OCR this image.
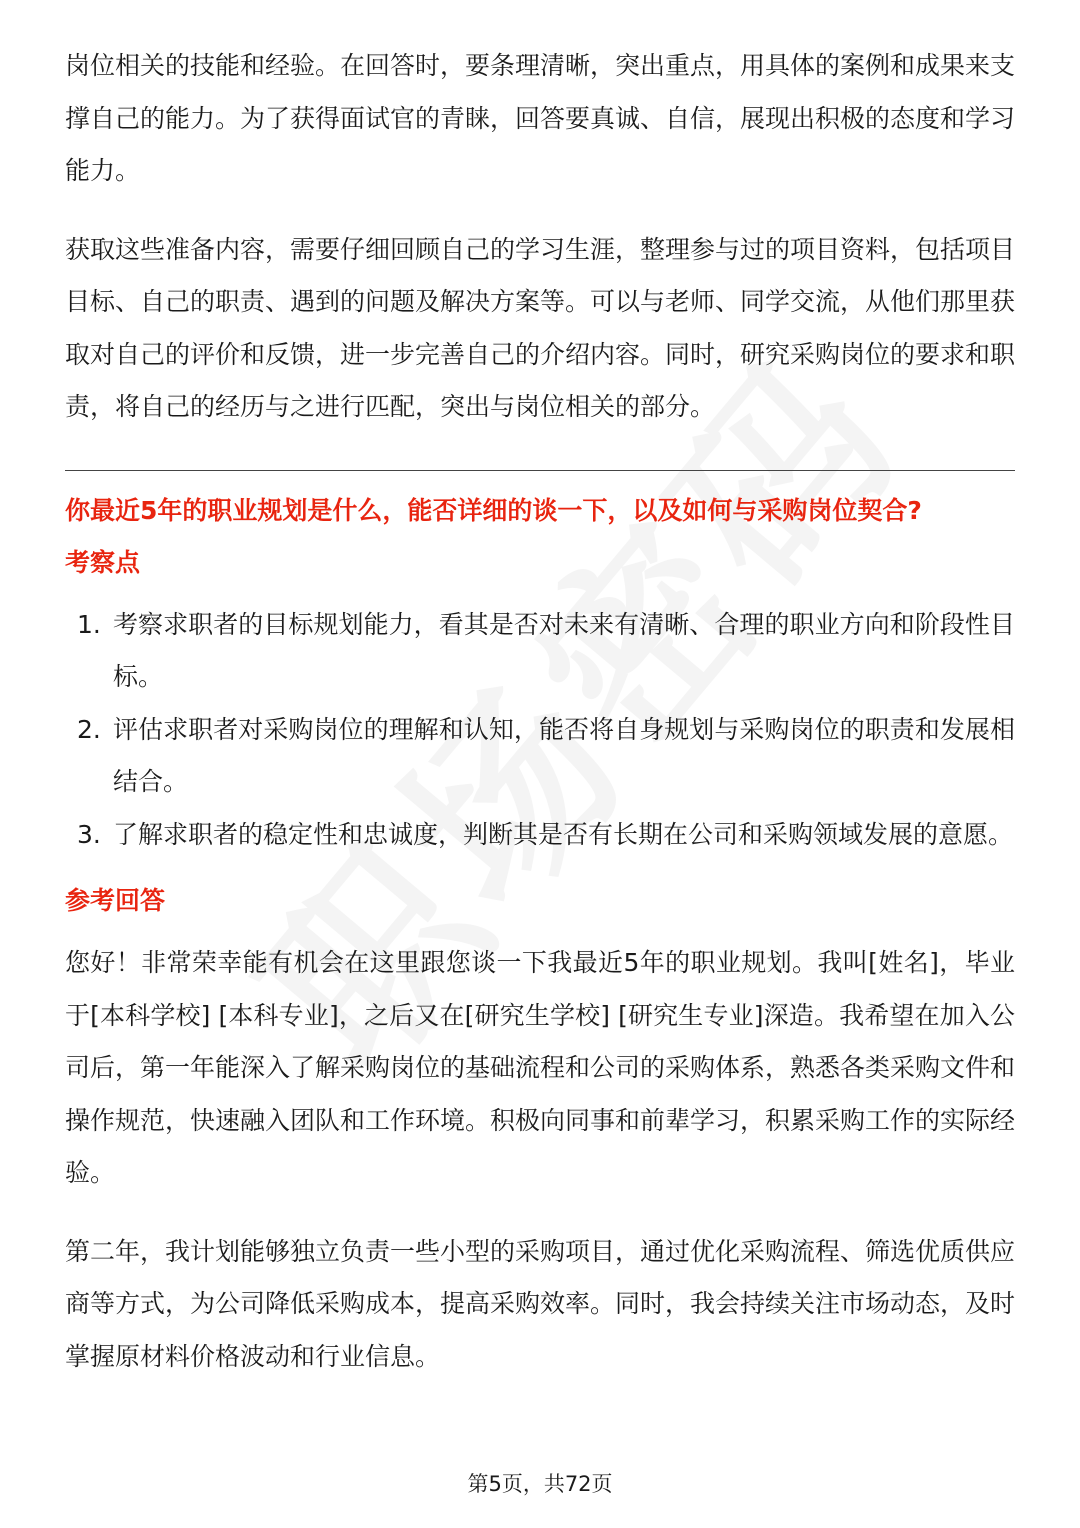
岗位相关的技能和经验。在回答时，要条理清晰，突出重点，用具体的案例和成果来支撑自己的能力。为了获得面试官的青睐，回答要真诚、自信，展现出积极的态度和学习能力。

获取这些准备内容，需要仔细回顾自己的学习生涯，整理参与过的项目资料，包括项目目标、自己的职责、遇到的问题及解决方案等。可以与老师、同学交流，从他们那里获取对自己的评价和反馈，进一步完善自己的介绍内容。同时，研究采购岗位的要求和职责，将自己的经历与之进行匹配，突出与岗位相关的部分。

你最近5年的职业规划是什么，能否详细的谈一下，以及如何与采购岗位契合?

考察点

1. 考察求职者的目标规划能力，看其是否对未来有清晰、合理的职业方向和阶段性目标。
2. 评估求职者对采购岗位的理解和认知，能否将自身规划与采购岗位的职责和发展相结合。
3. 了解求职者的稳定性和忠诚度，判断其是否有长期在公司和采购领域发展的意愿。

参考回答

您好！非常荣幸能有机会在这里跟您谈一下我最近5年的职业规划。我叫[姓名]，毕业于[本科学校] [本科专业]，之后又在[研究生学校] [研究生专业]深造。我希望在加入公司后，第一年能深入了解采购岗位的基础流程和公司的采购体系，熟悉各类采购文件和操作规范，快速融入团队和工作环境。积极向同事和前辈学习，积累采购工作的实际经验。

第二年，我计划能够独立负责一些小型的采购项目，通过优化采购流程、筛选优质供应商等方式，为公司降低采购成本，提高采购效率。同时，我会持续关注市场动态，及时掌握原材料价格波动和行业信息。

第5页，共72页
